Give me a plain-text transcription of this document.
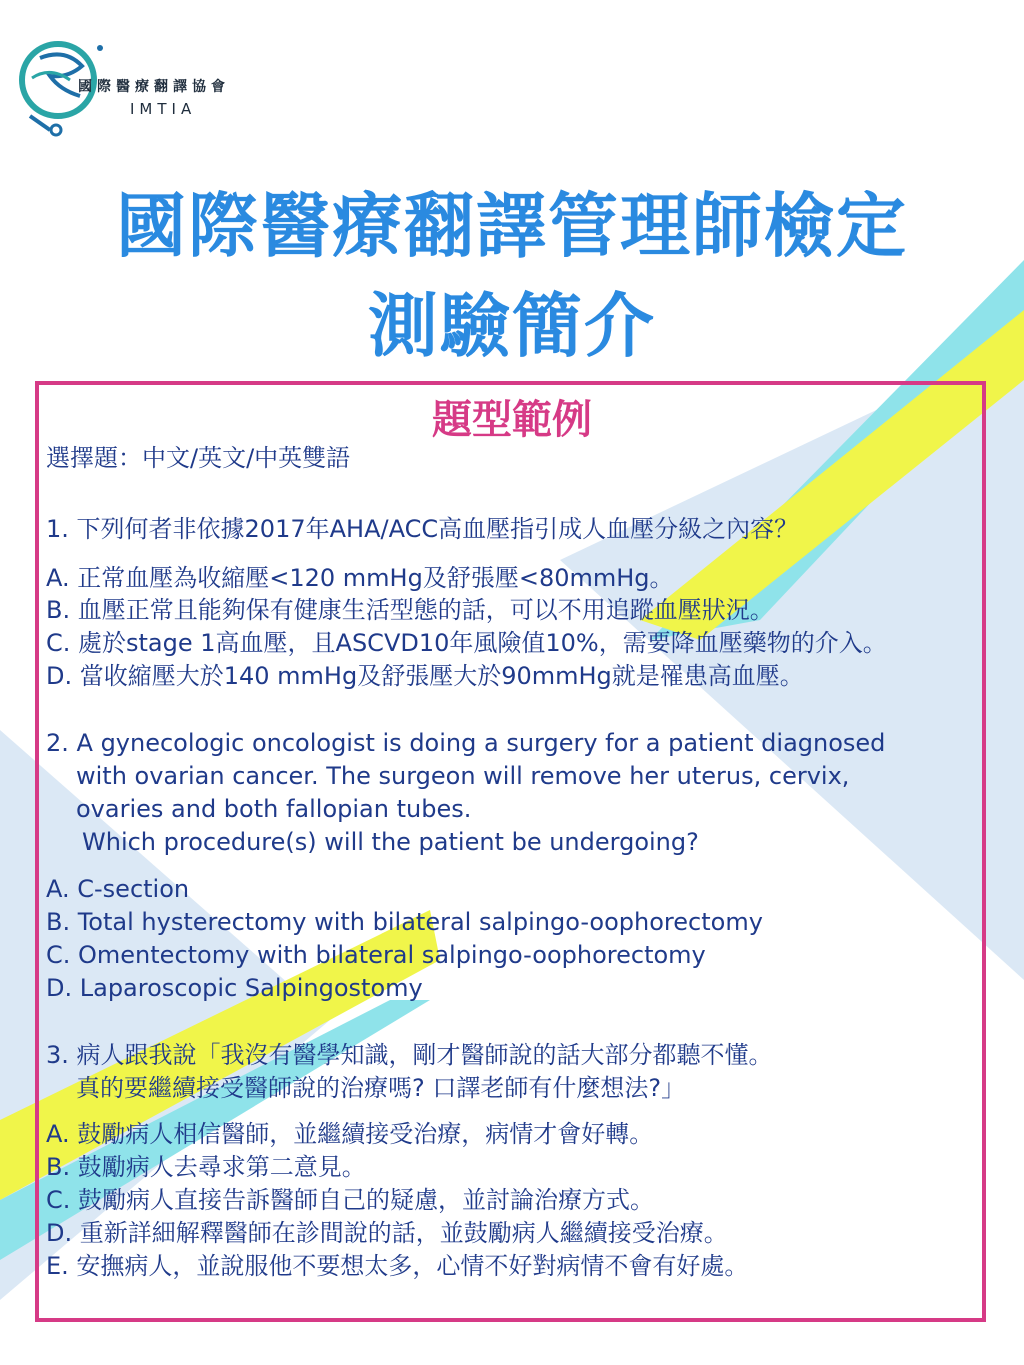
國際醫療翻譯協會
IMTIA
國際醫療翻譯管理師檢定
測驗簡介
題型範例
選擇題：中文/英文/中英雙語
1. 下列何者非依據2017年AHA/ACC高血壓指引成人血壓分級之內容？
A. 正常血壓為收縮壓<120 mmHg及舒張壓<80mmHg。
B. 血壓正常且能夠保有健康生活型態的話，可以不用追蹤血壓狀況。
C. 處於stage 1高血壓，且ASCVD10年風險值10%，需要降血壓藥物的介入。
D. 當收縮壓大於140 mmHg及舒張壓大於90mmHg就是罹患高血壓。
2. A gynecologic oncologist is doing a surgery for a patient diagnosed
with ovarian cancer. The surgeon will remove her uterus, cervix,
ovaries and both fallopian tubes.
Which procedure(s) will the patient be undergoing?
A. C-section
B. Total hysterectomy with bilateral salpingo-oophorectomy
C. Omentectomy with bilateral salpingo-oophorectomy
D. Laparoscopic Salpingostomy
3. 病人跟我說「我沒有醫學知識，剛才醫師說的話大部分都聽不懂。
真的要繼續接受醫師說的治療嗎? 口譯老師有什麼想法?」
A. 鼓勵病人相信醫師，並繼續接受治療，病情才會好轉。
B. 鼓勵病人去尋求第二意見。
C. 鼓勵病人直接告訴醫師自己的疑慮，並討論治療方式。
D. 重新詳細解釋醫師在診間說的話，並鼓勵病人繼續接受治療。
E. 安撫病人，並說服他不要想太多，心情不好對病情不會有好處。
